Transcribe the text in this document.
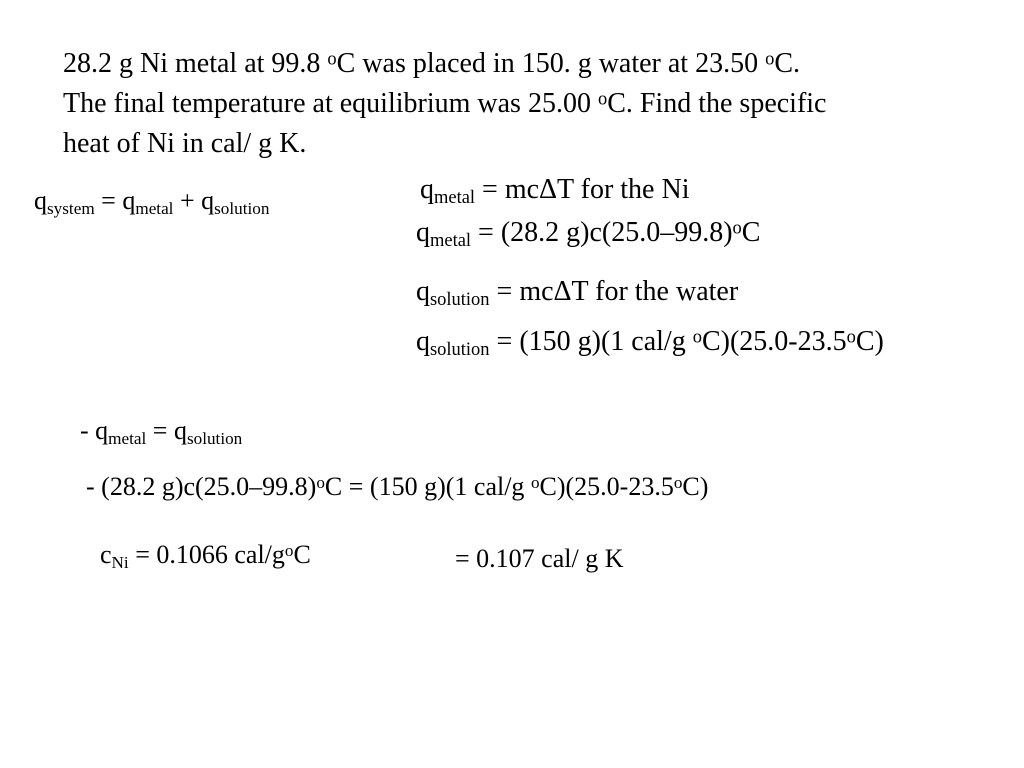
28.2 g Ni metal at 99.8 $^o$C was placed in 150. g water at 23.50 $^o$C.
The final temperature at equilibrium was 25.00 $^o$C. Find the specific
heat of Ni in cal/ g K.
$q_{system} = q_{metal} + q_{solution}$
$q_{metal} = mc\Delta T$ for the Ni
$q_{metal} = (28.2$ $g)c(25.0-99.8)^oC$
$q_{solution} = mc\Delta T$ for the water
$q_{solution} = (150$ g)(1 cal/g $^o$C)(25.0-23.5$^o$C)
- $q_{metal} = q_{solution}$
- (28.2 $g)c(25.0-99.8)^oC = (150$ g)(1 cal/g $^o$C)(25.0-23.5$^o$C)
$c_{Ni} = 0.1066$ cal/$g^oC$	= 0.107 cal/ g K
